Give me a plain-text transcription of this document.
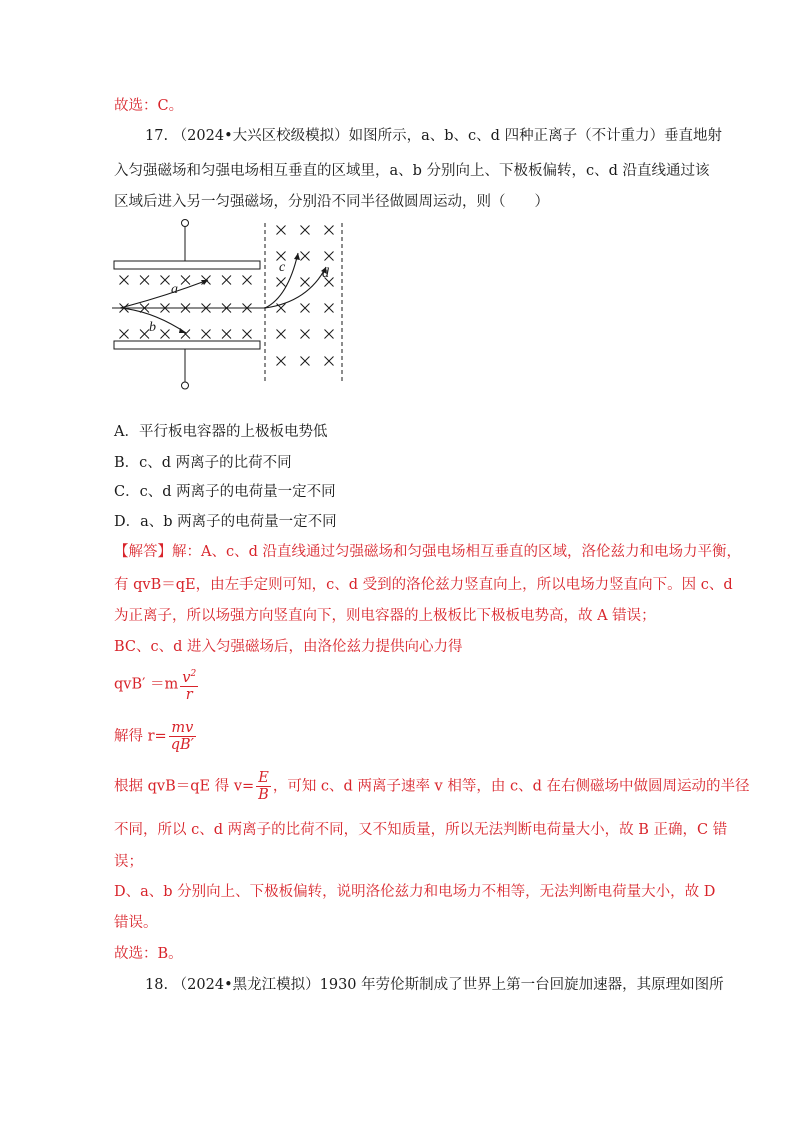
故选：C。
17. （2024•大兴区校级模拟）如图所示，a、b、c、d 四种正离子（不计重力）垂直地射
入匀强磁场和匀强电场相互垂直的区域里，a、b 分别向上、下极板偏转，c、d 沿直线通过该
区域后进入另一匀强磁场，分别沿不同半径做圆周运动，则（　　）
a
b
c	d
A．平行板电容器的上极板电势低
B．c、d 两离子的比荷不同
C．c、d 两离子的电荷量一定不同
D．a、b 两离子的电荷量一定不同
【解答】解：A、c、d 沿直线通过匀强磁场和匀强电场相互垂直的区域，洛伦兹力和电场力平衡，
有 qvB＝qE，由左手定则可知，c、d 受到的洛伦兹力竖直向上，所以电场力竖直向下。因 c、d
为正离子，所以场强方向竖直向下，则电容器的上极板比下极板电势高，故 A 错误；
BC、c、d 进入匀强磁场后，由洛伦兹力提供向心力得
$qvB' =m \frac{v^2}{r}$
解得 $r= \frac{mv}{qB'}$
根据 qvB＝qE 得 $v= \frac{E}{B}$ ，可知 c、d 两离子速率 v 相等，由 c、d 在右侧磁场中做圆周运动的半径
不同，所以 c、d 两离子的比荷不同，又不知质量，所以无法判断电荷量大小，故 B 正确，C 错
误；
D、a、b 分别向上、下极板偏转，说明洛伦兹力和电场力不相等，无法判断电荷量大小，故 D
错误。
故选：B。
18. （2024•黑龙江模拟）1930 年劳伦斯制成了世界上第一台回旋加速器，其原理如图所
